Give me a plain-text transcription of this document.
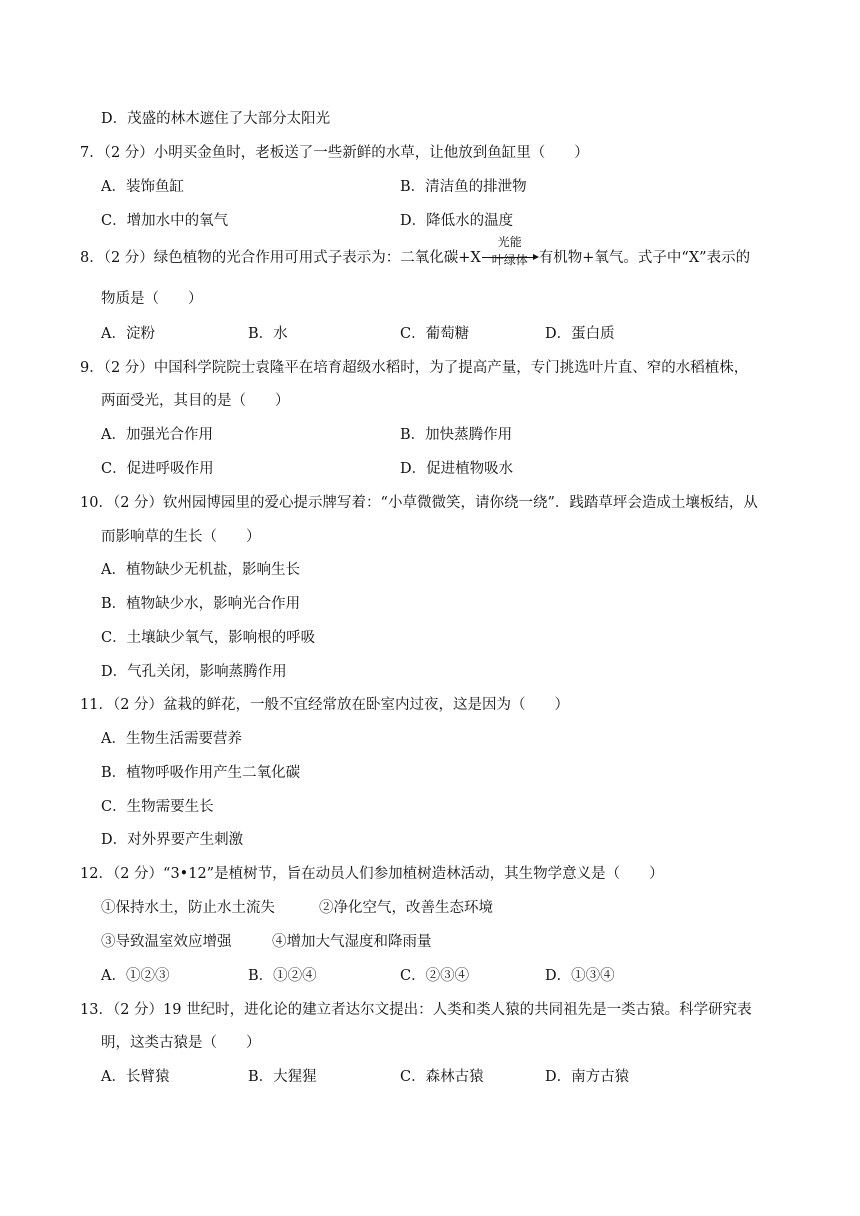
D．茂盛的林木遮住了大部分太阳光
7．（2 分）小明买金鱼时，老板送了一些新鲜的水草，让他放到鱼缸里（　　）
A．装饰鱼缸	B．清洁鱼的排泄物
C．增加水中的氧气	D．降低水的温度
8．（2 分）绿色植物的光合作用可用式子表示为：二氧化碳$+X \frac{\text{光能}}{\text{叶绿体}}$ 有机物+氧气。式子中“X”表示的
物质是（　　）
A．淀粉	B．水	C．葡萄糖	D．蛋白质
9．（2 分）中国科学院院士袁隆平在培育超级水稻时，为了提高产量，专门挑选叶片直、窄的水稻植株，
两面受光，其目的是（　　）
A．加强光合作用	B．加快蒸腾作用
C．促进呼吸作用	D．促进植物吸水
10．（2 分）钦州园博园里的爱心提示牌写着：“小草微微笑，请你绕一绕”．践踏草坪会造成土壤板结，从
而影响草的生长（　　）
A．植物缺少无机盐，影响生长
B．植物缺少水，影响光合作用
C．土壤缺少氧气，影响根的呼吸
D．气孔关闭，影响蒸腾作用
11．（2 分）盆栽的鲜花，一般不宜经常放在卧室内过夜，这是因为（　　）
A．生物生活需要营养
B．植物呼吸作用产生二氧化碳
C．生物需要生长
D．对外界要产生刺激
12．（2 分）“3•12”是植树节，旨在动员人们参加植树造林活动，其生物学意义是（　　）
①保持水土，防止水土流失	②净化空气，改善生态环境
③导致温室效应增强	④增加大气湿度和降雨量
A．①②③	B．①②④	C．②③④	D．①③④
13．（2 分）19 世纪时，进化论的建立者达尔文提出：人类和类人猿的共同祖先是一类古猿。科学研究表
明，这类古猿是（　　）
A．长臂猿	B．大猩猩	C．森林古猿	D．南方古猿
